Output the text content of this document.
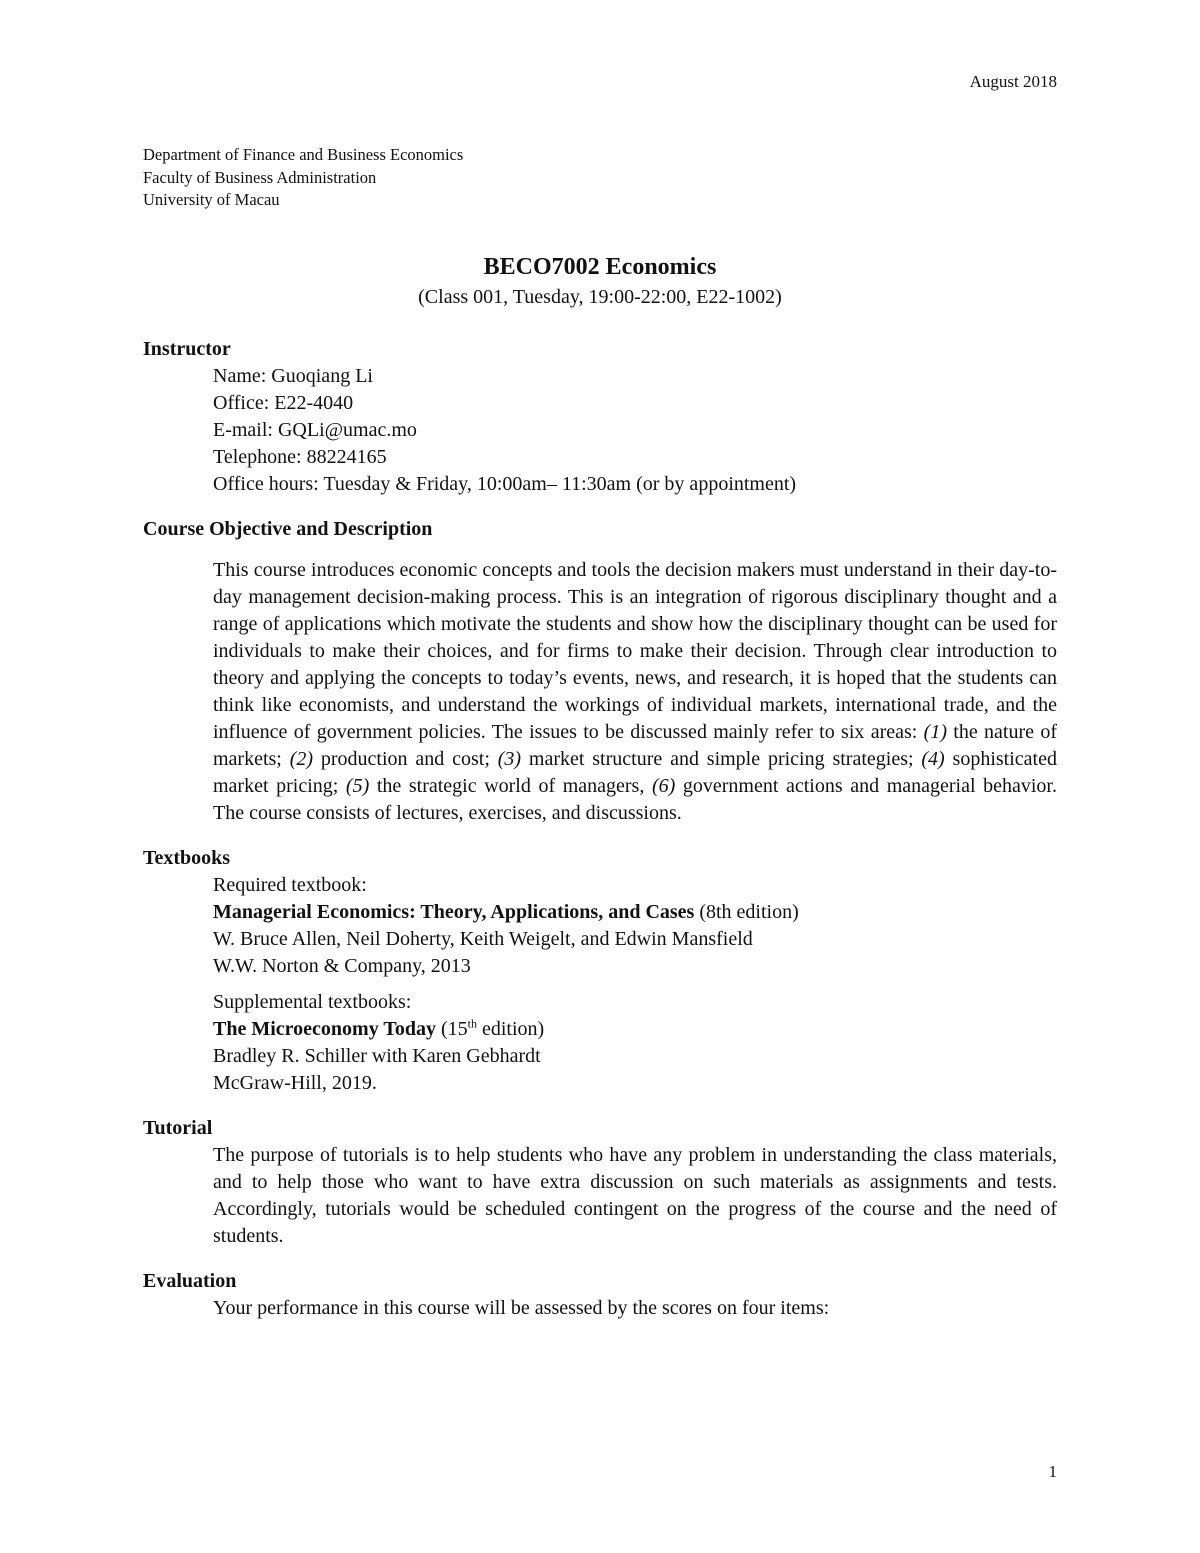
August 2018
Department of Finance and Business Economics
Faculty of Business Administration
University of Macau
BECO7002 Economics
(Class 001, Tuesday, 19:00-22:00, E22-1002)
Instructor
Name: Guoqiang Li
Office: E22-4040
E-mail: GQLi@umac.mo
Telephone: 88224165
Office hours: Tuesday & Friday, 10:00am– 11:30am (or by appointment)
Course Objective and Description
This course introduces economic concepts and tools the decision makers must understand in their day-to-day management decision-making process. This is an integration of rigorous disciplinary thought and a range of applications which motivate the students and show how the disciplinary thought can be used for individuals to make their choices, and for firms to make their decision. Through clear introduction to theory and applying the concepts to today’s events, news, and research, it is hoped that the students can think like economists, and understand the workings of individual markets, international trade, and the influence of government policies. The issues to be discussed mainly refer to six areas: (1) the nature of markets; (2) production and cost; (3) market structure and simple pricing strategies; (4) sophisticated market pricing; (5) the strategic world of managers, (6) government actions and managerial behavior. The course consists of lectures, exercises, and discussions.
Textbooks
Required textbook:
Managerial Economics: Theory, Applications, and Cases (8th edition)
W. Bruce Allen, Neil Doherty, Keith Weigelt, and Edwin Mansfield
W.W. Norton & Company, 2013
Supplemental textbooks:
The Microeconomy Today (15th edition)
Bradley R. Schiller with Karen Gebhardt
McGraw-Hill, 2019.
Tutorial
The purpose of tutorials is to help students who have any problem in understanding the class materials, and to help those who want to have extra discussion on such materials as assignments and tests. Accordingly, tutorials would be scheduled contingent on the progress of the course and the need of students.
Evaluation
Your performance in this course will be assessed by the scores on four items:
1
